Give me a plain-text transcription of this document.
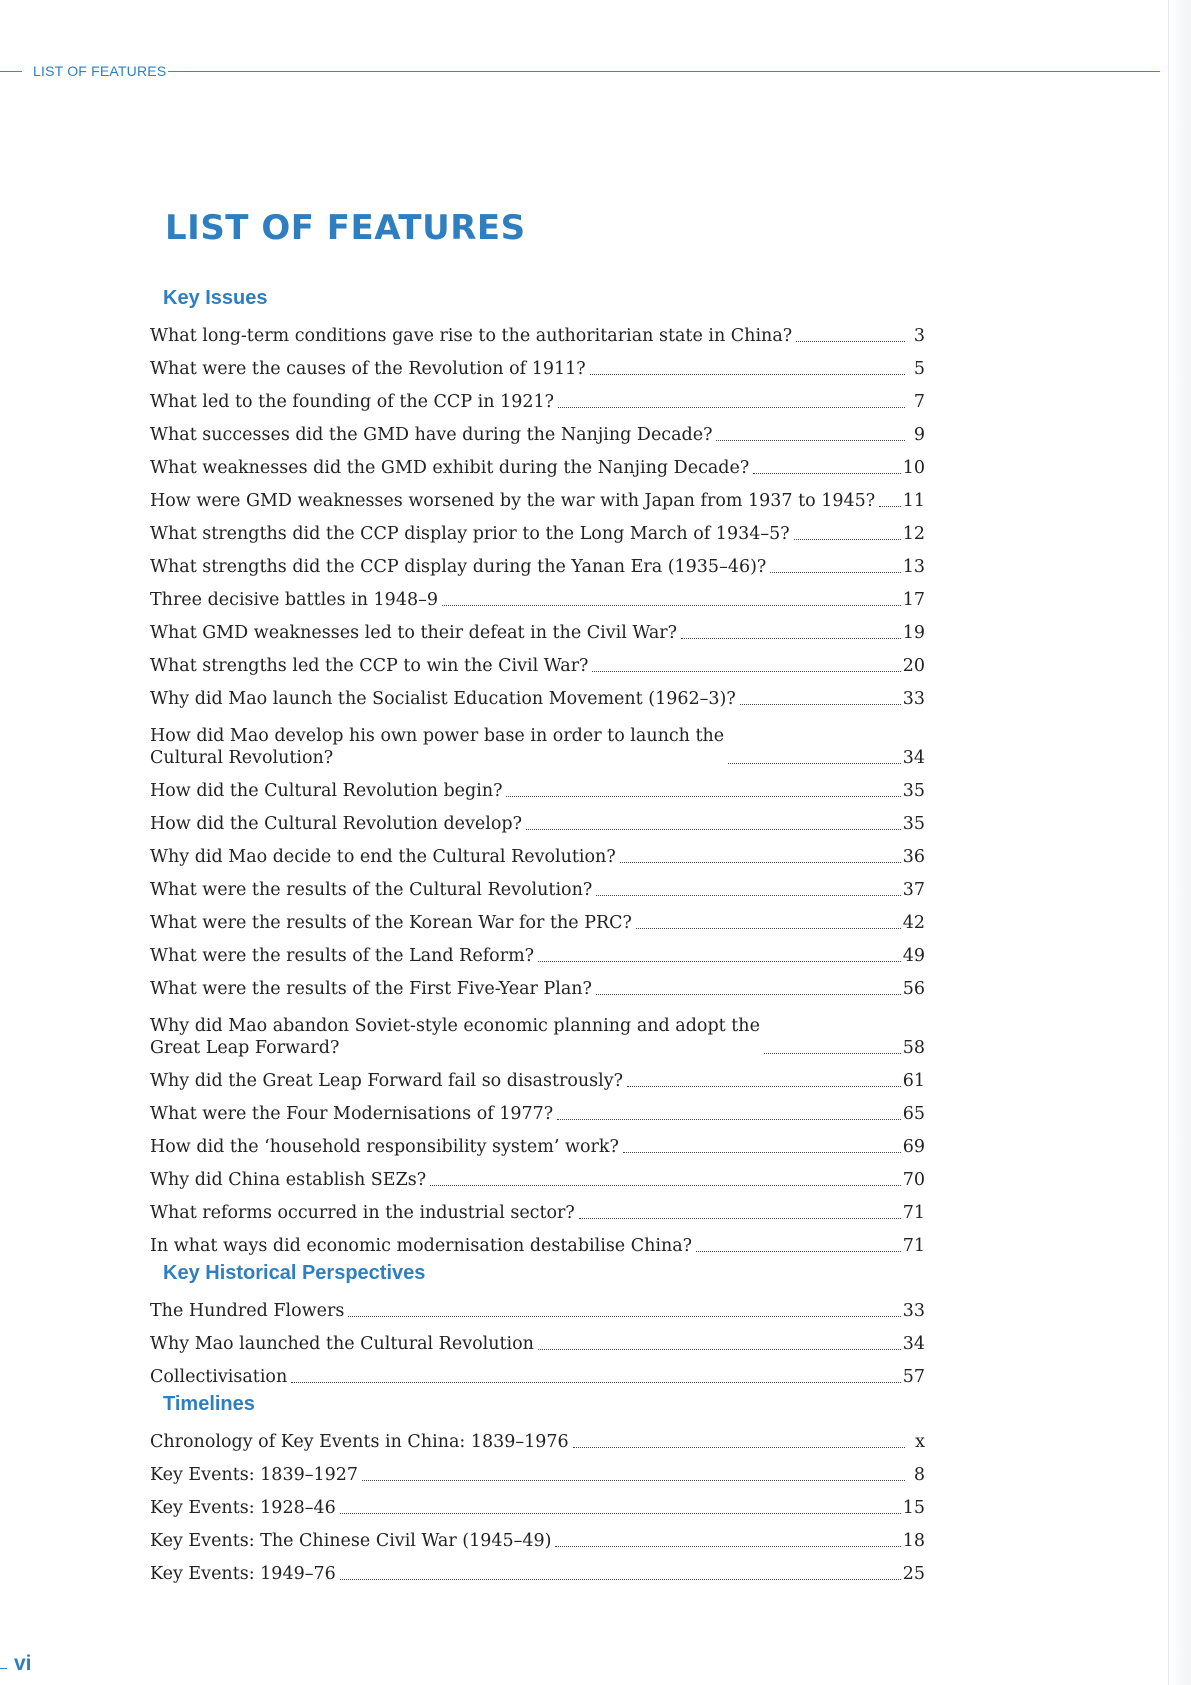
LIST OF FEATURES
LIST OF FEATURES
Key Issues
What long-term conditions gave rise to the authoritarian state in China?	3
What were the causes of the Revolution of 1911?	5
What led to the founding of the CCP in 1921?	7
What successes did the GMD have during the Nanjing Decade?	9
What weaknesses did the GMD exhibit during the Nanjing Decade?	10
How were GMD weaknesses worsened by the war with Japan from 1937 to 1945? 11
What strengths did the CCP display prior to the Long March of 1934–5?	12
What strengths did the CCP display during the Yanan Era (1935–46)?	13
Three decisive battles in 1948–9	17
What GMD weaknesses led to their defeat in the Civil War?	19
What strengths led the CCP to win the Civil War?	20
Why did Mao launch the Socialist Education Movement (1962–3)?	33
How did Mao develop his own power base in order to launch the
Cultural Revolution?	34
How did the Cultural Revolution begin?	35
How did the Cultural Revolution develop?	35
Why did Mao decide to end the Cultural Revolution?	36
What were the results of the Cultural Revolution?	37
What were the results of the Korean War for the PRC?	42
What were the results of the Land Reform?	49
What were the results of the First Five-Year Plan?	56
Why did Mao abandon Soviet-style economic planning and adopt the
Great Leap Forward?	58
Why did the Great Leap Forward fail so disastrously?	61
What were the Four Modernisations of 1977?	65
How did the ‘household responsibility system’ work?	69
Why did China establish SEZs?	70
What reforms occurred in the industrial sector?	71
In what ways did economic modernisation destabilise China?	71
Key Historical Perspectives
The Hundred Flowers	33
Why Mao launched the Cultural Revolution	34
Collectivisation	57
Timelines
Chronology of Key Events in China: 1839–1976	x
Key Events: 1839–1927	8
Key Events: 1928–46	15
Key Events: The Chinese Civil War (1945–49)	18
Key Events: 1949–76	25
vi
